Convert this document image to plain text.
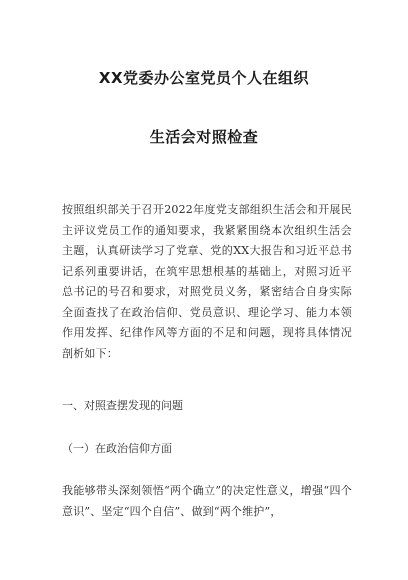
XX党委办公室党员个人在组织
生活会对照检查

按照组织部关于召开2022年度党支部组织生活会和开展民主评议党员工作的通知要求，我紧紧围绕本次组织生活会主题，认真研读学习了党章、党的XX大报告和习近平总书记系列重要讲话，在筑牢思想根基的基础上，对照习近平总书记的号召和要求，对照党员义务，紧密结合自身实际全面查找了在政治信仰、党员意识、理论学习、能力本领作用发挥、纪律作风等方面的不足和问题，现将具体情况剖析如下：

一、对照查摆发现的问题

（一）在政治信仰方面

我能够带头深刻领悟“两个确立”的决定性意义，增强“四个意识”、坚定“四个自信”、做到“两个维护”，
